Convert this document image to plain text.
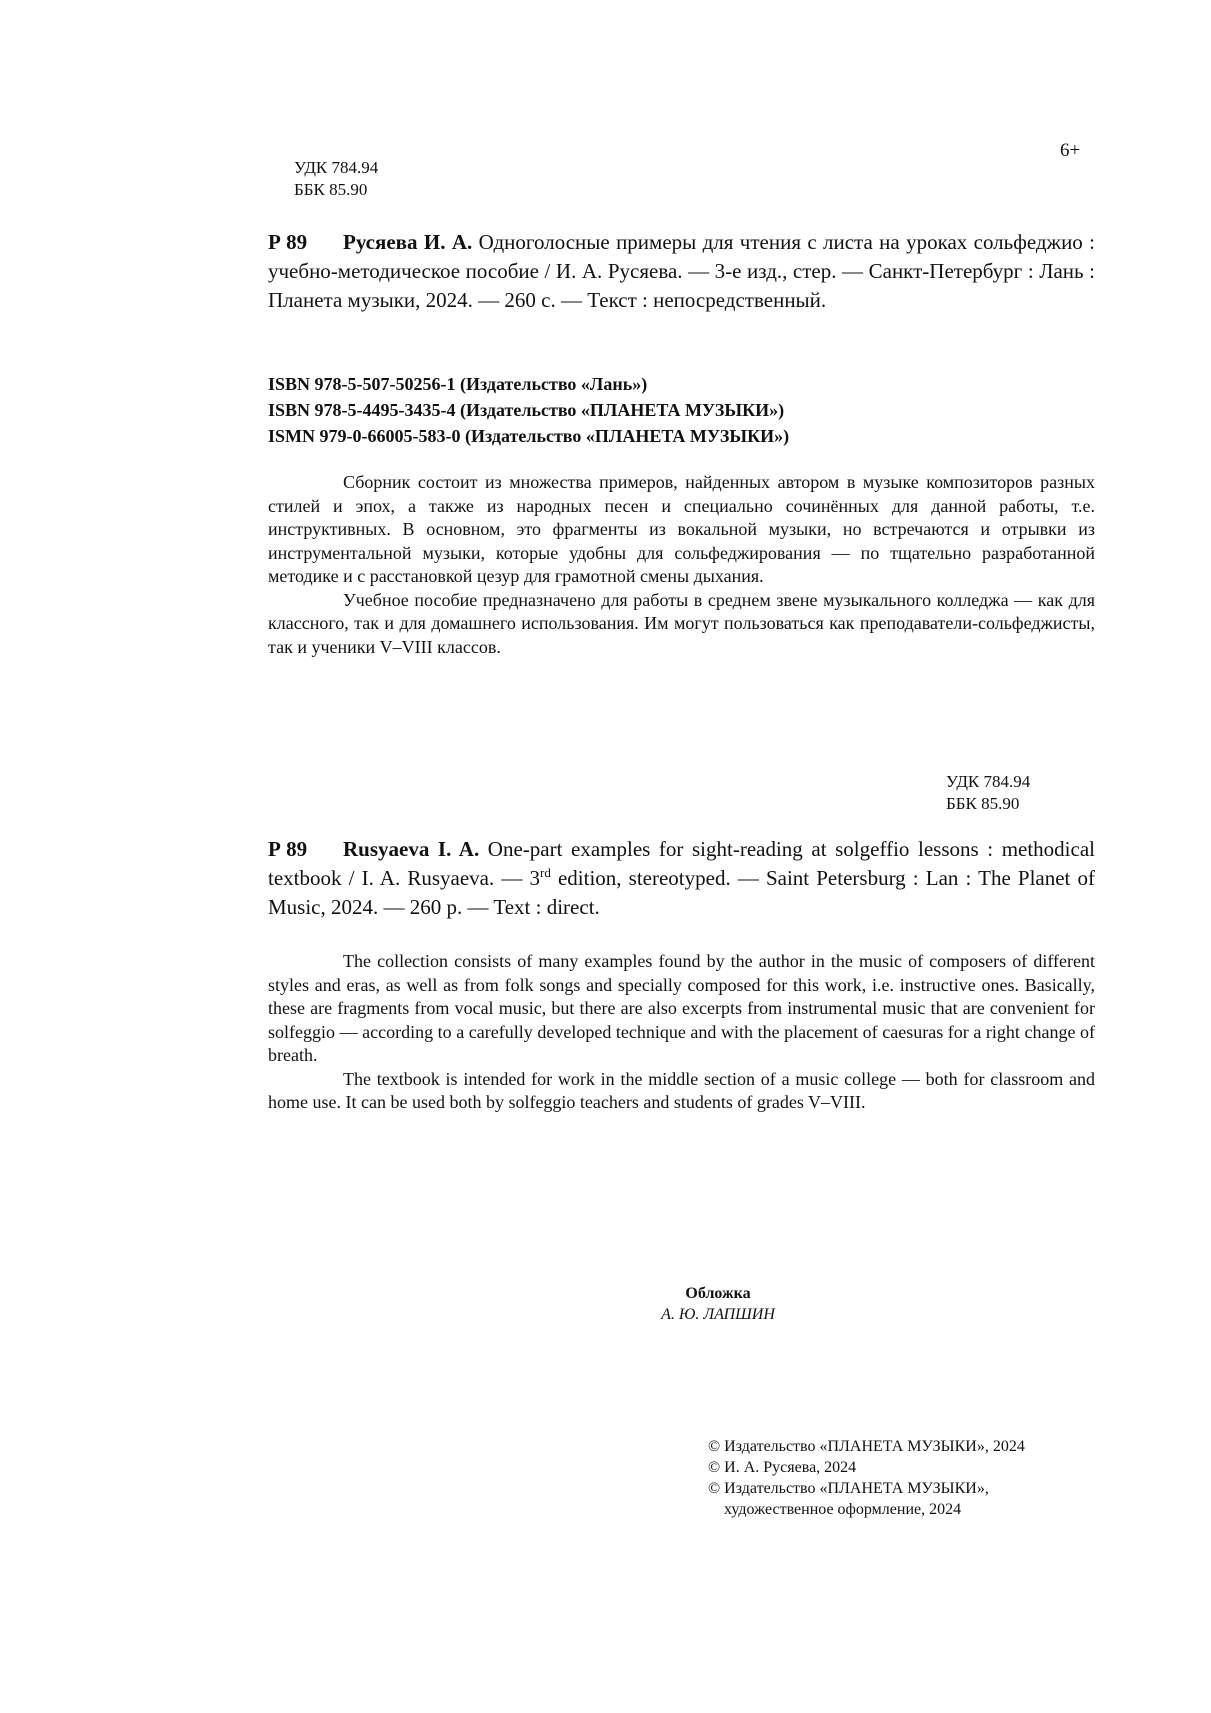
6+
УДК 784.94
ББК 85.90
Р 89 Русяева И. А. Одноголосные примеры для чтения с листа на уроках сольфеджио : учебно-методическое пособие / И. А. Русяева. — 3-е изд., стер. — Санкт-Петербург : Лань : Планета музыки, 2024. — 260 с. — Текст : непосредственный.
ISBN 978-5-507-50256-1 (Издательство «Лань»)
ISBN 978-5-4495-3435-4 (Издательство «ПЛАНЕТА МУЗЫКИ»)
ISMN 979-0-66005-583-0 (Издательство «ПЛАНЕТА МУЗЫКИ»)

Сборник состоит из множества примеров, найденных автором в музыке композиторов разных стилей и эпох, а также из народных песен и специально сочинённых для данной работы, т.е. инструктивных. В основном, это фрагменты из вокальной музыки, но встречаются и отрывки из инструментальной музыки, которые удобны для сольфеджирования — по тщательно разработанной методике и с расстановкой цезур для грамотной смены дыхания.

Учебное пособие предназначено для работы в среднем звене музыкального колледжа — как для классного, так и для домашнего использования. Им могут пользоваться как преподаватели-сольфеджисты, так и ученики V–VIII классов.

УДК 784.94
ББК 85.90
Р 89 Rusyaeva I. A. One-part examples for sight-reading at solgeffio lessons : methodical textbook / I. A. Rusyaeva. — 3rd edition, stereotyped. — Saint Petersburg : Lan : The Planet of Music, 2024. — 260 p. — Text : direct.

The collection consists of many examples found by the author in the music of composers of different styles and eras, as well as from folk songs and specially composed for this work, i.e. instructive ones. Basically, these are fragments from vocal music, but there are also excerpts from instrumental music that are convenient for solfeggio — according to a carefully developed technique and with the placement of caesuras for a right change of breath.

The textbook is intended for work in the middle section of a music college — both for classroom and home use. It can be used both by solfeggio teachers and students of grades V–VIII.

Обложка
А. Ю. ЛАПШИН
© Издательство «ПЛАНЕТА МУЗЫКИ», 2024
© И. А. Русяева, 2024
© Издательство «ПЛАНЕТА МУЗЫКИ»,
художественное оформление, 2024
